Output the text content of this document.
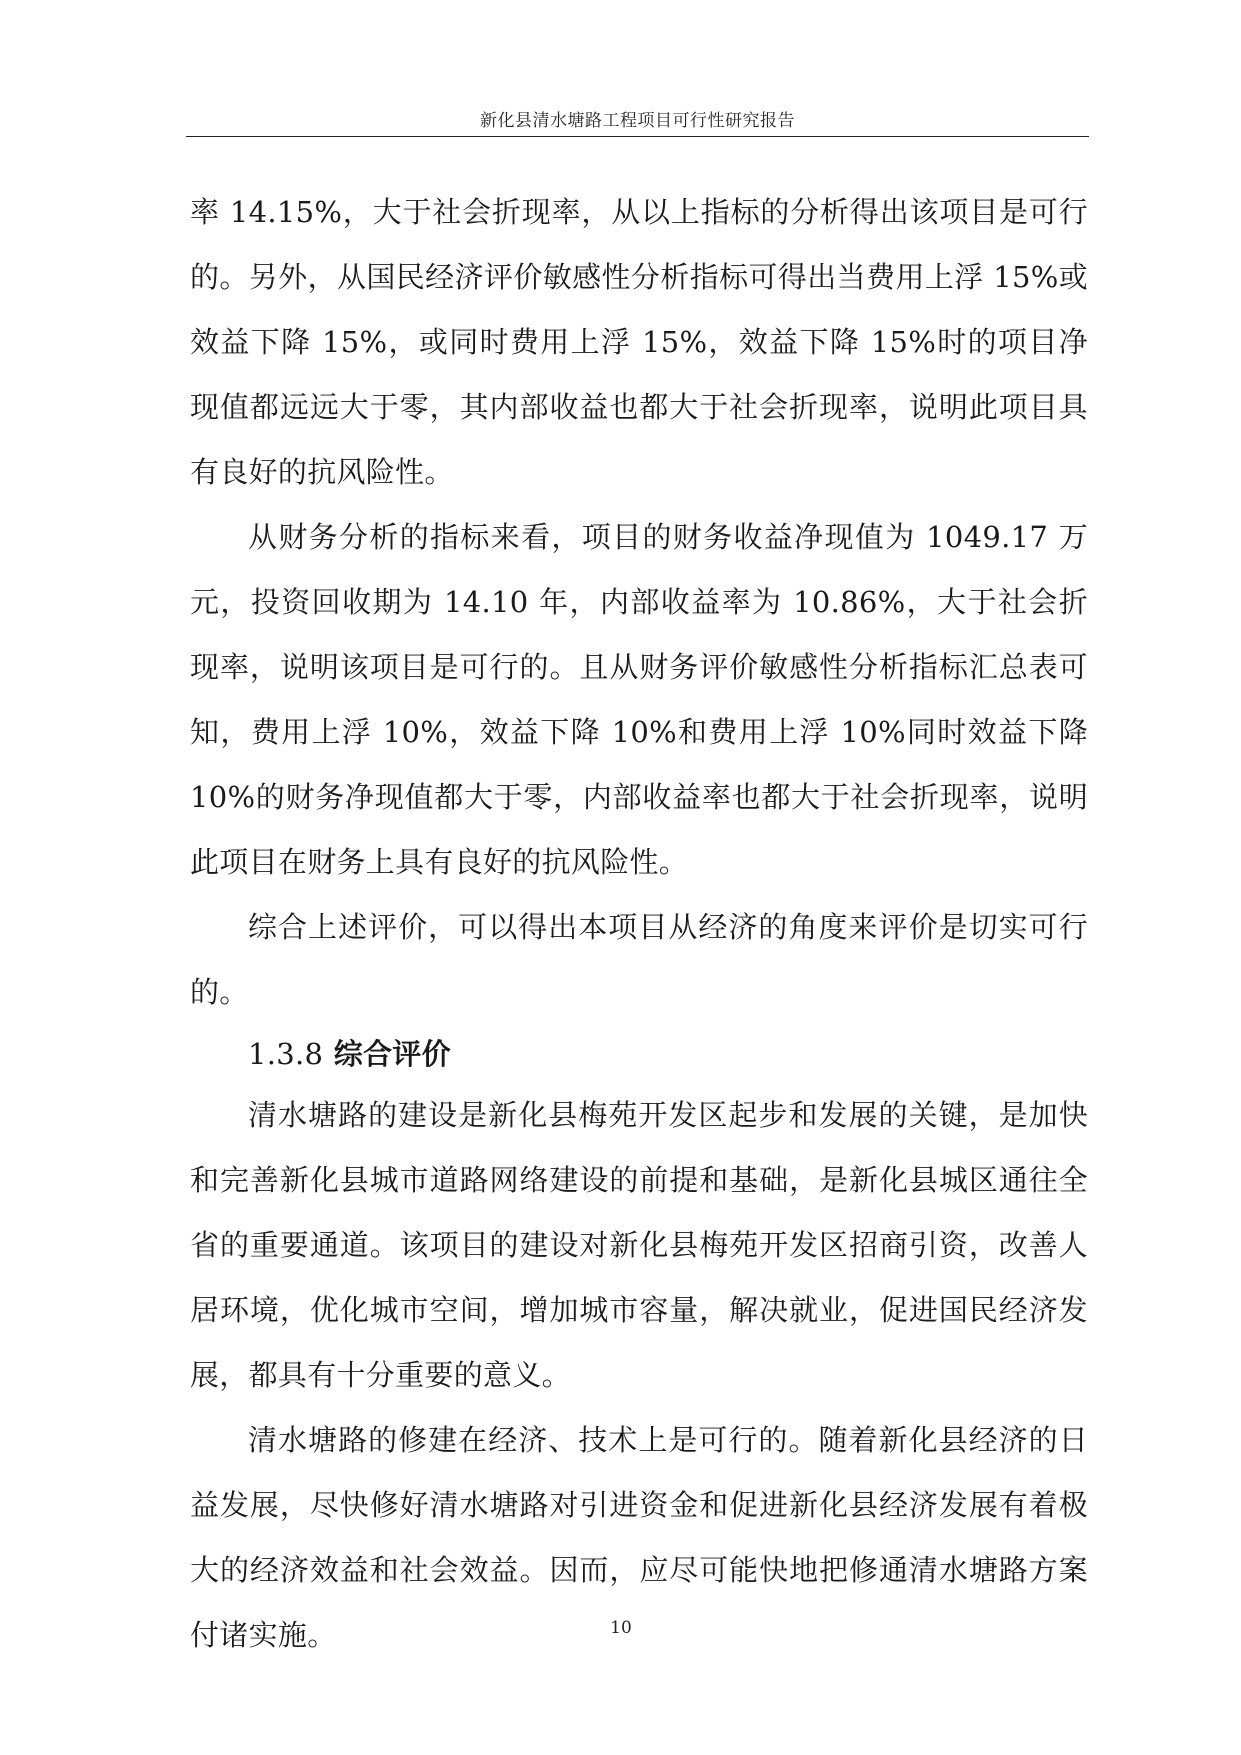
新化县清水塘路工程项目可行性研究报告

率 14.15%，大于社会折现率，从以上指标的分析得出该项目是可行的。另外，从国民经济评价敏感性分析指标可得出当费用上浮 15%或效益下降 15%，或同时费用上浮 15%，效益下降 15%时的项目净现值都远远大于零，其内部收益也都大于社会折现率，说明此项目具有良好的抗风险性。

从财务分析的指标来看，项目的财务收益净现值为 1049.17 万元，投资回收期为 14.10 年，内部收益率为 10.86%，大于社会折现率，说明该项目是可行的。且从财务评价敏感性分析指标汇总表可知，费用上浮 10%，效益下降 10%和费用上浮 10%同时效益下降 10%的财务净现值都大于零，内部收益率也都大于社会折现率，说明此项目在财务上具有良好的抗风险性。

综合上述评价，可以得出本项目从经济的角度来评价是切实可行的。

1.3.8 综合评价

清水塘路的建设是新化县梅苑开发区起步和发展的关键，是加快和完善新化县城市道路网络建设的前提和基础，是新化县城区通往全省的重要通道。该项目的建设对新化县梅苑开发区招商引资，改善人居环境，优化城市空间，增加城市容量，解决就业，促进国民经济发展，都具有十分重要的意义。

清水塘路的修建在经济、技术上是可行的。随着新化县经济的日益发展，尽快修好清水塘路对引进资金和促进新化县经济发展有着极大的经济效益和社会效益。因而，应尽可能快地把修通清水塘路方案付诸实施。	10
